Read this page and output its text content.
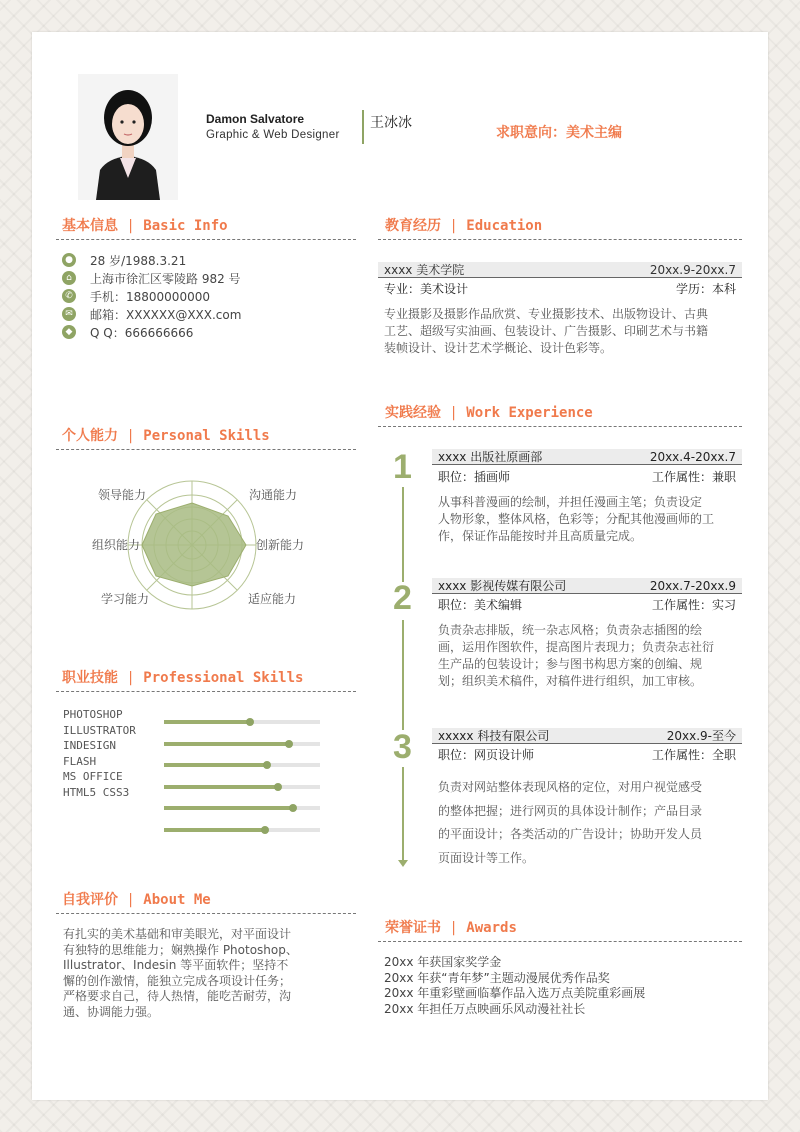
Damon Salvatore
Graphic & Web Designer
王冰冰
求职意向：美术主编
基本信息 | Basic Info
● 28 岁/1988.3.21
⌂	上海市徐汇区零陵路 982 号
✆ 手机：18800000000
✉ 邮箱：XXXXXX@XXX.com
◆ Q Q：666666666
个人能力 | Personal Skills
领导能力	沟通能力
组织能力	创新能力
学习能力	适应能力
职业技能 | Professional Skills
PHOTOSHOP
ILLUSTRATOR
INDESIGN
FLASH
MS OFFICE
HTML5 CSS3
自我评价 | About Me
有扎实的美术基础和审美眼光，对平面设计
有独特的思维能力；娴熟操作 Photoshop、
Illustrator、Indesin 等平面软件；坚持不
懈的创作激情，能独立完成各项设计任务；
严格要求自己，待人热情，能吃苦耐劳，沟
通、协调能力强。
教育经历 | Education
xxxx 美术学院	20xx.9-20xx.7
专业：美术设计	学历：本科
专业摄影及摄影作品欣赏、专业摄影技术、出版物设计、古典
工艺、超级写实油画、包装设计、广告摄影、印刷艺术与书籍
装帧设计、设计艺术学概论、设计色彩等。
实践经验 | Work Experience
1 xxxx 出版社原画部	20xx.4-20xx.7
职位：插画师	工作属性：兼职
从事科普漫画的绘制，并担任漫画主笔；负责设定
人物形象，整体风格，色彩等；分配其他漫画师的工
作，保证作品能按时并且高质量完成。
2 xxxx 影视传媒有限公司	20xx.7-20xx.9
职位：美术编辑	工作属性：实习
负责杂志排版，统一杂志风格；负责杂志插图的绘
画，运用作图软件，提高图片表现力；负责杂志社衍
生产品的包装设计；参与图书构思方案的创编、规
划；组织美术稿件，对稿件进行组织，加工审核。
3 xxxxx 科技有限公司	20xx.9-至今
职位：网页设计师	工作属性：全职
负责对网站整体表现风格的定位，对用户视觉感受
的整体把握；进行网页的具体设计制作；产品目录
的平面设计；各类活动的广告设计；协助开发人员
页面设计等工作。
荣誉证书 | Awards
20xx 年获国家奖学金
20xx 年获“青年梦”主题动漫展优秀作品奖
20xx 年重彩壁画临摹作品入选万点美院重彩画展
20xx 年担任万点映画乐风动漫社社长
